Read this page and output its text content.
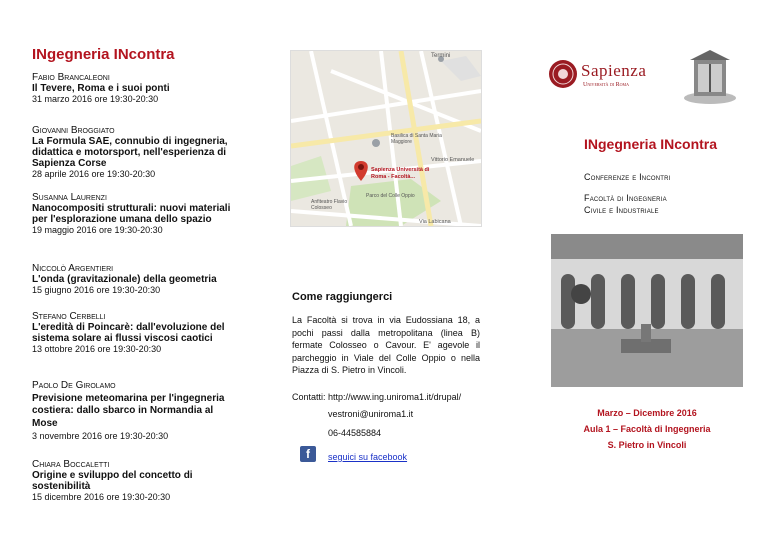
INgegneria INcontra
Fabio Brancaleoni
Il Tevere, Roma e i suoi ponti
31 marzo 2016 ore 19:30-20:30
Giovanni Broggiato
La Formula SAE, connubio di ingegneria, didattica e motorsport, nell'esperienza di Sapienza Corse
28 aprile 2016 ore 19:30-20:30
Susanna Laurenzi
Nanocompositi strutturali: nuovi materiali per l'esplorazione umana dello spazio
19 maggio 2016 ore 19:30-20:30
Niccolò Argentieri
L'onda (gravitazionale) della geometria
15 giugno 2016 ore 19:30-20:30
Stefano Cerbelli
L'eredità di Poincarè: dall'evoluzione del sistema solare ai flussi viscosi caotici
13 ottobre 2016 ore 19:30-20:30
Paolo De Girolamo
Previsione meteomarina per l'ingegneria costiera: dallo sbarco in Normandia al Mose
3 novembre 2016 ore 19:30-20:30
Chiara Boccaletti
Origine e sviluppo del concetto di sostenibilità
15 dicembre 2016 ore 19:30-20:30
Termini
Basilica di Santa Maria Maggiore
Sapienza Università di Roma - Facoltà...
Anfiteatro Flavio Colosseo
Parco del Colle Oppio
Vittorio Emanuele
Via Labicana
Come raggiungerci
La Facoltà si trova in via Eudossiana 18, a pochi passi dalla metropolitana (linea B) fermate Colosseo o Cavour. E' agevole il parcheggio in Viale del Colle Oppio o nella Piazza di S. Pietro in Vincoli.
Contatti: http://www.ing.uniroma1.it/drupal/
vestroni@uniroma1.it
06-44585884
f	seguici su facebook
Sapienza
Università di Roma
INgegneria INcontra
Conferenze e Incontri
Facoltà di Ingegneria
Civile e Industriale
Marzo – Dicembre 2016
Aula 1 – Facoltà di Ingegneria
S. Pietro in Vincoli
